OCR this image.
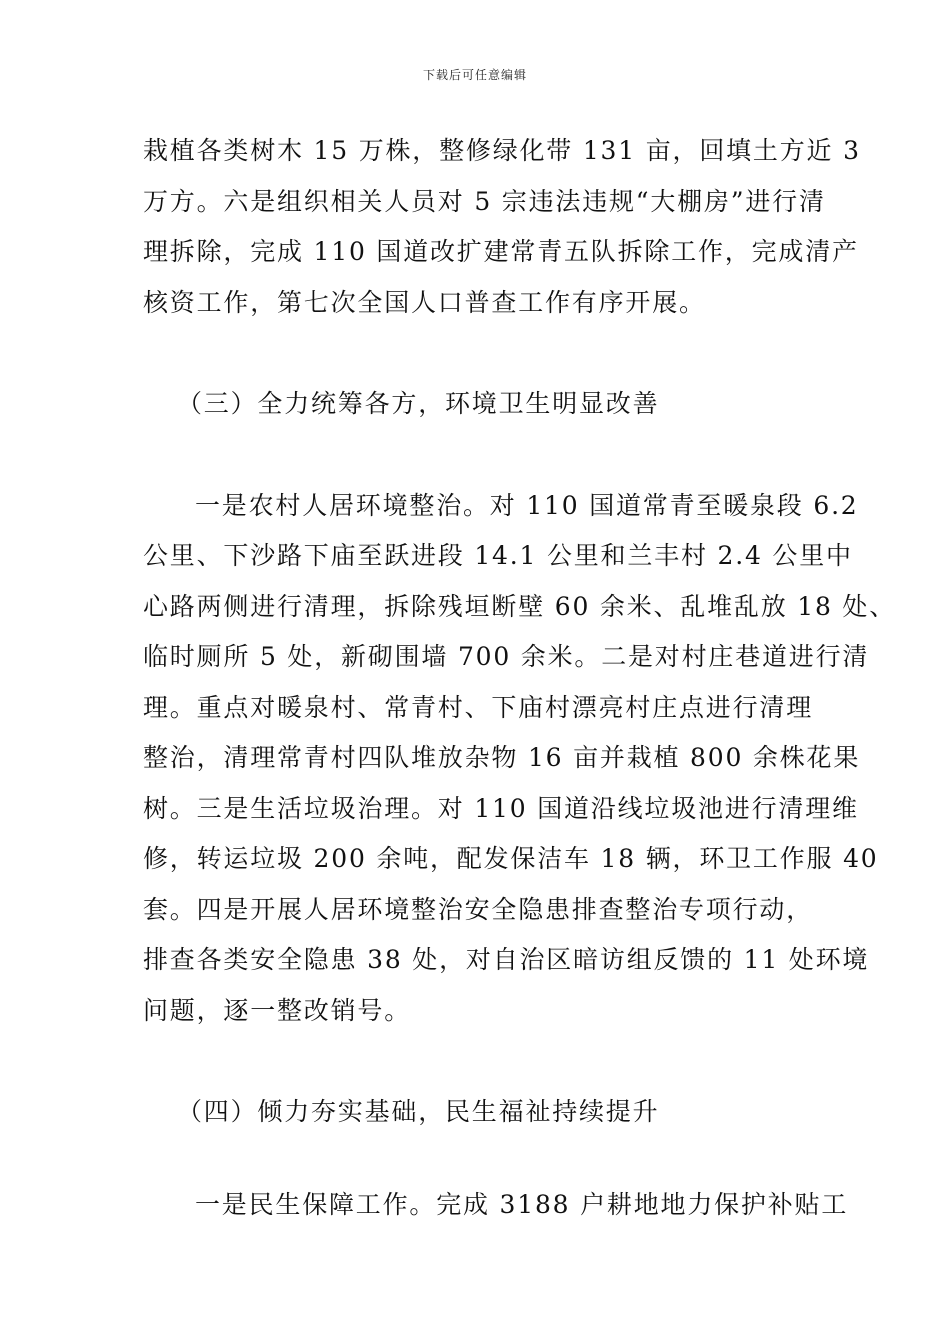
下载后可任意编辑
栽植各类树木 15 万株，整修绿化带 131 亩，回填土方近 3
万方。六是组织相关人员对 5 宗违法违规“大棚房”进行清
理拆除，完成 110 国道改扩建常青五队拆除工作，完成清产
核资工作，第七次全国人口普查工作有序开展。
（三）全力统筹各方，环境卫生明显改善
一是农村人居环境整治。对 110 国道常青至暖泉段 6.2
公里、下沙路下庙至跃进段 14.1 公里和兰丰村 2.4 公里中
心路两侧进行清理，拆除残垣断壁 60 余米、乱堆乱放 18 处、
临时厕所 5 处，新砌围墙 700 余米。二是对村庄巷道进行清
理。重点对暖泉村、常青村、下庙村漂亮村庄点进行清理
整治，清理常青村四队堆放杂物 16 亩并栽植 800 余株花果
树。三是生活垃圾治理。对 110 国道沿线垃圾池进行清理维
修，转运垃圾 200 余吨，配发保洁车 18 辆，环卫工作服 40
套。四是开展人居环境整治安全隐患排查整治专项行动，
排查各类安全隐患 38 处，对自治区暗访组反馈的 11 处环境
问题，逐一整改销号。
（四）倾力夯实基础，民生福祉持续提升
一是民生保障工作。完成 3188 户耕地地力保护补贴工
